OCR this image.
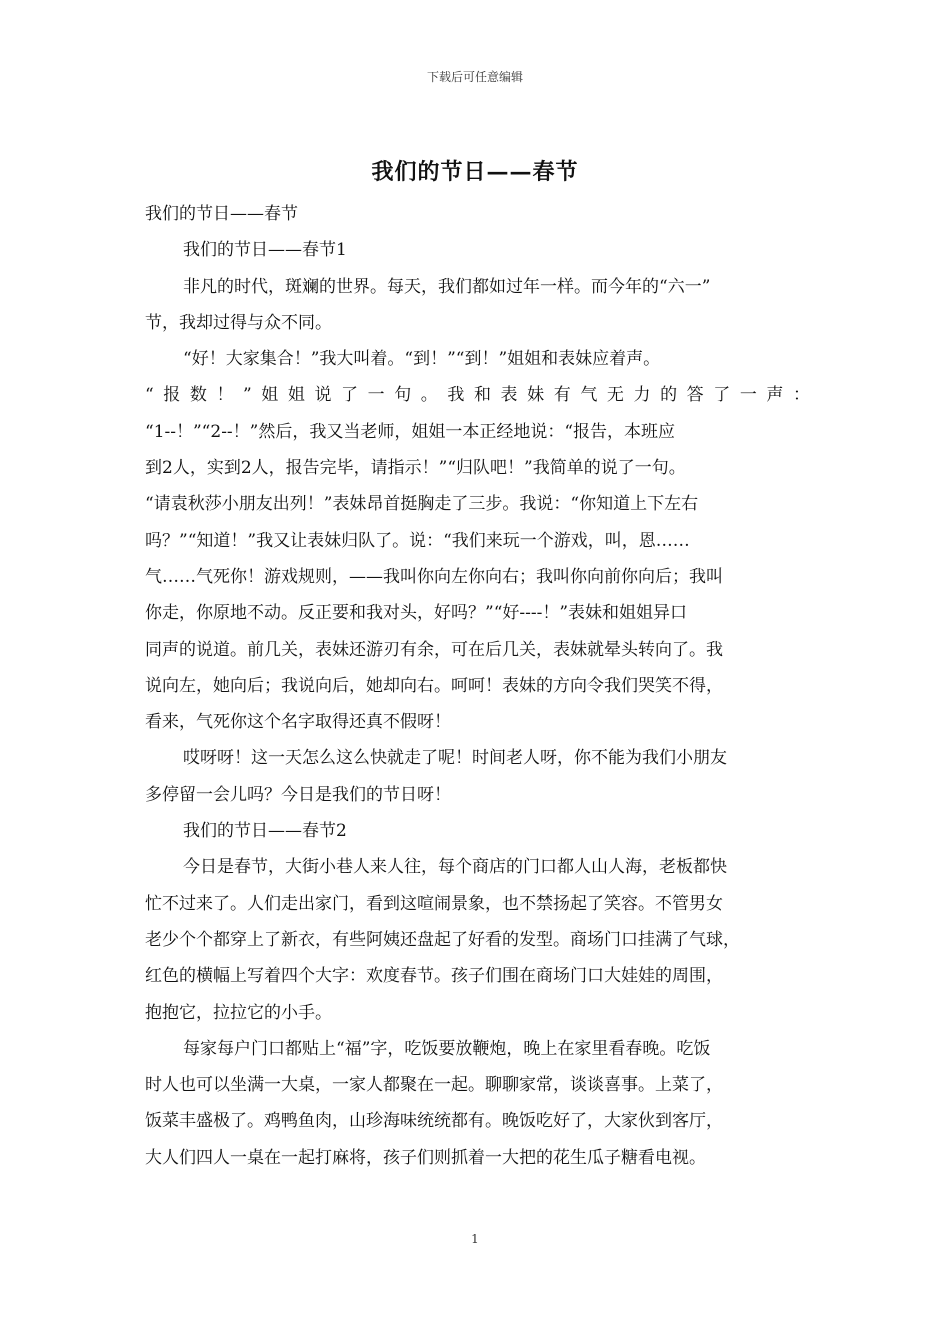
下载后可任意编辑
我们的节日——春节
我们的节日——春节
我们的节日——春节1
非凡的时代，斑斓的世界。每天，我们都如过年一样。而今年的“六一”
节，我却过得与众不同。
“好！大家集合！”我大叫着。“到！”“到！”姐姐和表妹应着声。
“报数！”姐姐说了一句。我和表妹有气无力的答了一声：
“1--！”“2--！”然后，我又当老师，姐姐一本正经地说：“报告，本班应
到2人，实到2人，报告完毕，请指示！”“归队吧！”我简单的说了一句。
“请袁秋莎小朋友出列！”表妹昂首挺胸走了三步。我说：“你知道上下左右
吗？”“知道！”我又让表妹归队了。说：“我们来玩一个游戏，叫，恩……
气……气死你！游戏规则，——我叫你向左你向右；我叫你向前你向后；我叫
你走，你原地不动。反正要和我对头，好吗？”“好----！”表妹和姐姐异口
同声的说道。前几关，表妹还游刃有余，可在后几关，表妹就晕头转向了。我
说向左，她向后；我说向后，她却向右。呵呵！表妹的方向令我们哭笑不得，
看来，气死你这个名字取得还真不假呀！
哎呀呀！这一天怎么这么快就走了呢！时间老人呀，你不能为我们小朋友
多停留一会儿吗？今日是我们的节日呀！
我们的节日——春节2
今日是春节，大街小巷人来人往，每个商店的门口都人山人海，老板都快
忙不过来了。人们走出家门，看到这喧闹景象，也不禁扬起了笑容。不管男女
老少个个都穿上了新衣，有些阿姨还盘起了好看的发型。商场门口挂满了气球，
红色的横幅上写着四个大字：欢度春节。孩子们围在商场门口大娃娃的周围，
抱抱它，拉拉它的小手。
每家每户门口都贴上“福”字，吃饭要放鞭炮，晚上在家里看春晚。吃饭
时人也可以坐满一大桌，一家人都聚在一起。聊聊家常，谈谈喜事。上菜了，
饭菜丰盛极了。鸡鸭鱼肉，山珍海味统统都有。晚饭吃好了，大家伙到客厅，
大人们四人一桌在一起打麻将，孩子们则抓着一大把的花生瓜子糖看电视。
1
